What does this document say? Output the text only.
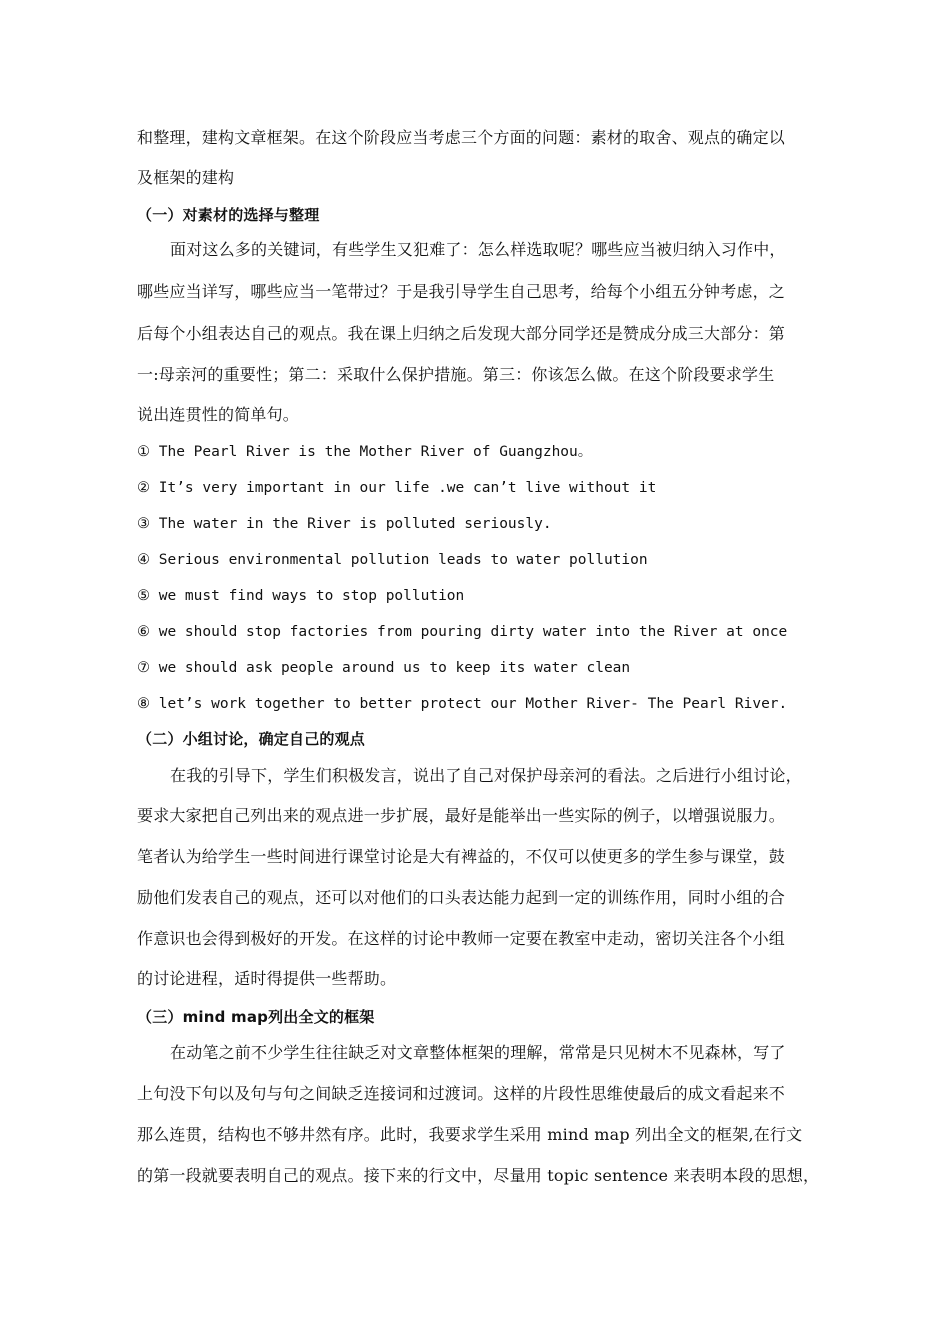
和整理，建构文章框架。在这个阶段应当考虑三个方面的问题：素材的取舍、观点的确定以
及框架的建构
（一）对素材的选择与整理
面对这么多的关键词，有些学生又犯难了：怎么样选取呢？哪些应当被归纳入习作中，
哪些应当详写，哪些应当一笔带过？于是我引导学生自己思考，给每个小组五分钟考虑，之
后每个小组表达自己的观点。我在课上归纳之后发现大部分同学还是赞成分成三大部分：第
一:母亲河的重要性；第二：采取什么保护措施。第三：你该怎么做。在这个阶段要求学生
说出连贯性的简单句。
① The Pearl River is the Mother River of Guangzhou。
② It’s very important in our life .we can’t live without it
③ The water in the River is polluted seriously.
④ Serious environmental pollution leads to water pollution
⑤ we must find ways to stop pollution
⑥ we should stop factories from pouring dirty water into the River at once
⑦ we should ask people around us to keep its water clean
⑧ let’s work together to better protect our Mother River- The Pearl River.
（二）小组讨论，确定自己的观点
在我的引导下，学生们积极发言，说出了自己对保护母亲河的看法。之后进行小组讨论，
要求大家把自己列出来的观点进一步扩展，最好是能举出一些实际的例子，以增强说服力。
笔者认为给学生一些时间进行课堂讨论是大有裨益的，不仅可以使更多的学生参与课堂，鼓
励他们发表自己的观点，还可以对他们的口头表达能力起到一定的训练作用，同时小组的合
作意识也会得到极好的开发。在这样的讨论中教师一定要在教室中走动，密切关注各个小组
的讨论进程，适时得提供一些帮助。
（三）mind map列出全文的框架
在动笔之前不少学生往往缺乏对文章整体框架的理解，常常是只见树木不见森林，写了
上句没下句以及句与句之间缺乏连接词和过渡词。这样的片段性思维使最后的成文看起来不
那么连贯，结构也不够井然有序。此时，我要求学生采用 mind map 列出全文的框架,在行文
的第一段就要表明自己的观点。接下来的行文中，尽量用 topic sentence 来表明本段的思想，
